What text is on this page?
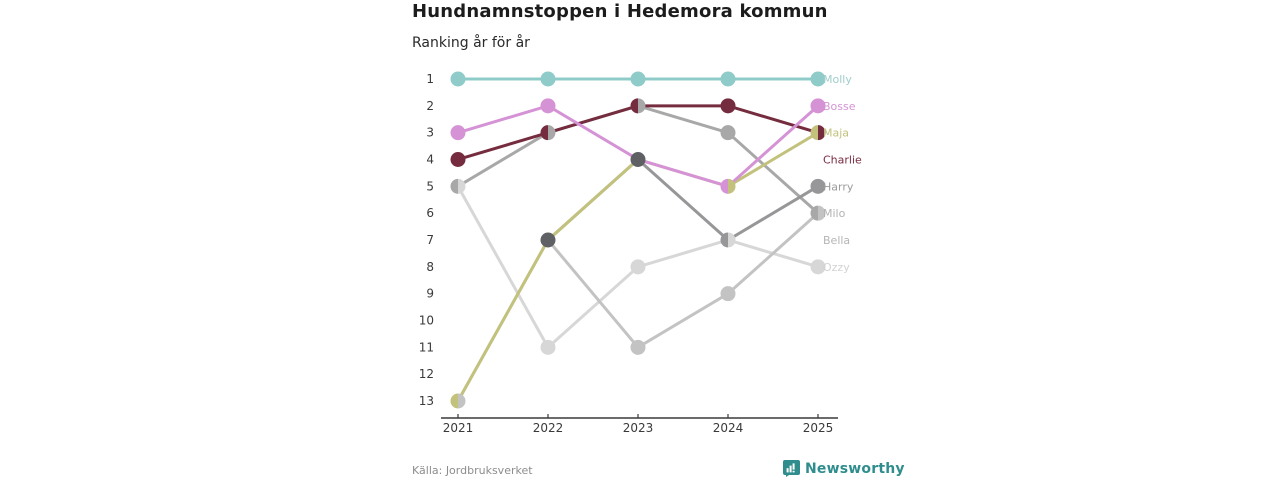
Hundnamnstoppen i Hedemora kommun
Ranking år för år
1
2
3
4
5
6
7
8
9
10
11
12
13
2021	2022	2023	2024	2025
Molly
Bosse
Maja
Charlie
Harry
Milo
Bella
Ozzy
Källa: Jordbruksverket	Newsworthy
